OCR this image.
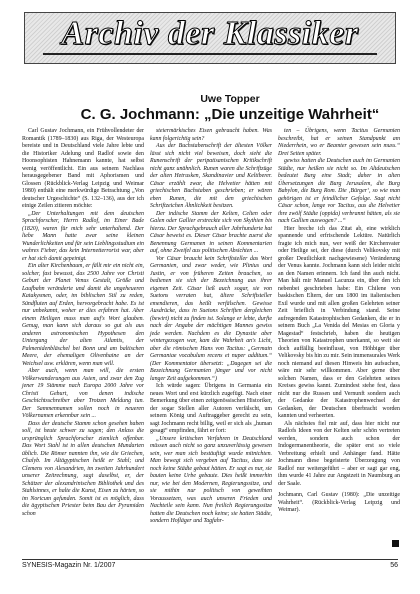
Archiv der Klassiker
Uwe Topper
C. G. Jochmann: „Die unzeitige Wahrheit“

Carl Gustav Jochmann, ein Frühvollendeter der Romantik (1789–1830) aus Riga, der Westeuropa bereiste und in Deutschland viele Jahre lebte und die Historiker Adelung und Radlof sowie den Hoonsophisten Hahnemann kannte, hat selbst wenig veröffentlicht. Ein aus seinem Nachlass herausgegebener Band mit Aphorismen und Glossen (Rückblick-Verlag Leipzig und Weimar 1980) enthält eine merkwürdige Betrachtung „Von deutscher Urgeschichte“ (S. 132–136), aus der ich einige Zeilen zitieren möchte:

„Der Unterhaltungen mit dem deutschen Sprachforscher, Herrn Radlof, im Einer Bade (1820), waren für mich sehr unterhaltend. Der liebe Mann hatte zwar seine kleinen Wunderlichkeiten und für sein Lieblingsstudium ein wahres Fieber, das kein Internetterrorist war, aber er hat sich damit gepeinigt.

Ein alter Kirchenbaum, er fällt mir ein nicht ein, solcher, fast bewusst, das 2500 Jahre vor Christi Geburt der Planet Venus Gestalt, Größe und Laufbahn veränderte und damit die ungeheueren Katakysmen, oder, im biblischen Stil zu reden, Sündfluten auf Erden, hervorgebracht habe. Es ist nur unbekannt, woher er dies erfahren hat. Aber einem Heiligen muss man auf's Wort glauben. Genug, man kann sich daraus so gut als aus anderen astronomischen Hypothesen den Untergang der alten Atlantis, der Palmenidenbläschel bei Bonn und am baltischen Meere, der ehemaligen Olivenhaine an der Weichsel usw. erklären, wenn man will.

Aber auch, wenn man will, die ersten Völkerwanderungen aus Asien, und zwar den Zug jener 19 Stämme nach Europa 2000 Jahre vor Christi Geburt, von denen indische Geschichtsschreiber aber Trotzen Meldung tun. Der Sammennamen sollen noch in neueren Völkernamen erkennbar sein ...

Dass der deutsche Stamm schon gesehen haben soll, ist heute schwer zu sagen; den Anlass die ursprünglich Sprachforscher ziemlich offenbar. Das Wort Stahl ist in allen deutschen Mundarten üblich. Die Römer nannten ihn, wie die Griechen, Chalyb. Im Altägyptischen heißt er Stahl; und Clemens von Alexandrien, im zweiten Jahrhundert unserer Zeitrechnung, sagt daselbst, er, der Schätzer der alexandrinischen Bibliothek und des Stahlsinnes, er halte die Kunst, Eisen zu härten, so im Noricum gefunden. Somit ist es möglich, dass die ägyptischen Priester beim Bau der Pyramiden schon

steiermärkisches Eisen gebraucht haben. Was kann folgerichtig sein?

Aus der Buchstabenschrift der ältesten Völker lässt sich nicht viel beweisen, doch sieht die Runenschrift der peripatisanischen Kritikschrift nicht ganz unähnlich. Runen waren die Schriftzüge der alten Hetrusken, Skandinavier und Keltiberer. Cäsar erzählt zwar, die Helvetier hätten mit griechischen Buchstaben geschrieben; er wären eben Runen, die mit den griechischen Schriftzeichen Ähnlichkeit besitzen.

Der indische Stamm der Kelten, Celten oder Galen oder Gallier erstreckte sich von Skythien bis hierzu. Der Sprachgebrauch aller Jahrhunderte hat Cäsar beweist es. Dieser Cäsar brachte zuerst die Benennung Germanen in seinen Kommentarien auf, ohne Zweifel aus politischen Absichten ...

Vor Cäsar braucht kein Schriftsteller das Wort Germanien, und zwar weder, wie Plinius und Justin, er von früheren Zeiten brauchen, so bedienen sie sich der Bezeichnung aus ihrer eigenen Zeit. Cäsar ließ auch sogar, sie von Suetons verraten hat, ältere Schriftsteller emendieren, das heißt verfälschen. Gewisse Ausdrücke, dass in Suetons Schriften dergleichen (bewirt) nicht zu finden ist. Solange er lebte, durfte nach der Angabe der mächtigen Mannes gewiss jede werden. Nachdem es die Dynastie aber wintergezogen war, kam die Wahrheit an's Licht, aber die römischen Hans von Tacitus: „Germain Germaniae vocabulum recens et nuper additum.“ (Der Kommentator übersetzt: „Dagegen sei die Bezeichnung Germanien jünger und vor nicht langer Zeit aufgekommen.“)

Ich würde sagen: Übrigens in Germania ein neues Wort und erst kürzlich zugefügt. Nach einer Bemerkung über einen zeitgenössischen Historiker, der sogar Stellen aller Autoren verfälscht, um seinem König und Auftraggeber gerecht zu sein, sagt Jochmann recht billig, weil er sich als „human gesagt“ empfinden, fährt er fort:

„Unsere kritischen Verfahren in Deutschland müssen auch nicht so ganz unzuverlässig gewesen sein, wer man sich bestäuftigt wurde mitnichten. Man bewegt sich vergeben auf Tacitus, dass sie noch keine Städte gebaut hätten. Er sagt es nur, sie bauten keine Urbe gebaute. Dies heißt immerhin nur, wie bei den Modernen, Regierungssitze, und sie mithin nur politisch von geweihten Voraussetzen, was auch unseren Frieden und Nachteile sein kann. Nun freilich Regierungssitze hatten die Deutschen noch keine; sie hatten Städte, sondern Hofläger und Tagfahr-

ten – Übrigens, wenn Tacitus Germanien beschreibt, hat er seinen Standpunkt am Niederrhein, wo er Beamter gewesen sein muss.“ Drei Seiten später.

gewiss hatten die Deutschen auch im Germanien Städte, nur heißen sie nicht so. Im Altdeutschen bedeutet Burg eine Stadt; daher in alten Übersetzungen die Burg Jerusalem, die Burg Babylon, die Burg Rom. Die ‚Bürger‘, so wie man gehörigen ist er feindlicher Gefolge. Sagt nicht Cäsar schon, lange vor Tacitus, aus die Helvetier ihre zwölf Städte (oppida) verbrannt hätten, als sie nach Gallien auswogen? ...“

Hier breche ich das Zitat ab, eine wirklich spannende und erfrischende Lektüre. Natürlich fragte ich mich nun, wer weiß der Kirchenvater oder Heilige sei, der diese (durch Velikovsky mit großer Deutlichkeit nachgewiesene) Veränderung der Venus kannte. Jochmann kann sich leider nicht an den Namen erinnern. Ich fand ihn auch nicht. Man hält mir Manuel Lacunza ein, über den ich nebenbei geschrieben habe: Ein Chilene von baskischen Eltern, der um 1800 im italienischen Exil wurde und mit allen großen Gelehrten seiner Zeit brieflich in Verbindung stand. Seine aufregenden Katastrophischen Gedanken, die er in seinem Buch „La Venida del Mesias en Gloria y Magestad“ festschrieb, haben die heutigen Theorien von Katastrophen unerkannt, so weit sie doch auffällig beeinflusst, von Höhbiger über Velikovsky bis hin zu mir. Sein immensurales Werk noch niemand auf diesen Hinweis hin aufsuchen, wäre mir sehr willkommen. Aber gerne über solchen Namen, dass er den Gelehrten seines Kreises gewiss kannt. Zumindest stehe fest, dass nicht nur die Russen und Vernunft sondern auch der Gedanke der Katastrophenwechsel der Gedanken, der Deutschen überbracht worden kannten und verheerten.

Als nächstes fiel mir auf, dass hier nicht nur Radlofs Ideen von der Kelten sehr schön vertreten werden, sondern auch schon der Indogermanentheorie, die später erst so viele Verbreitung erhielt und Anhänger fand. Hätte Jochmann diese begeisterte Überzeugung von Radlof nur weitergeführt – aber er sagt gar eng, ihm wurde 41 Jahre zur Angstzeit in Naumburg an der Saale.

Jochmann, Carl Gustav (1980): „Die unzeitige Wahrheit“. (Rückblick-Verlag Leipzig und Weimar).

SYNESIS-Magazin Nr. 1/2007	56
